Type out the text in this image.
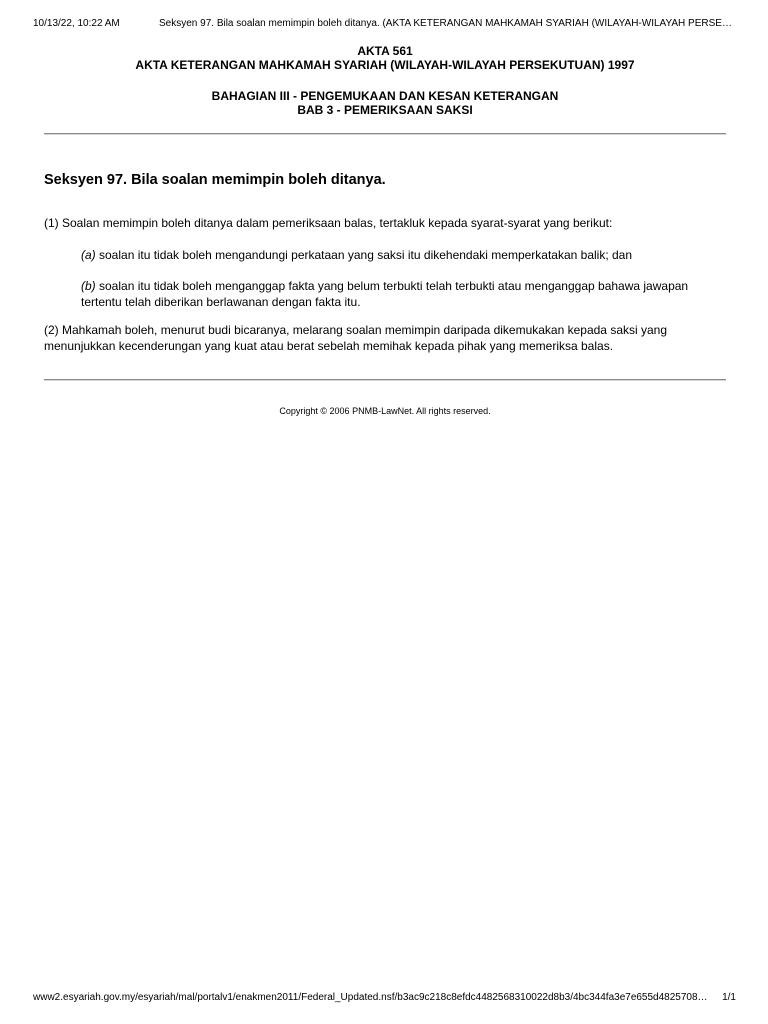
10/13/22, 10:22 AM	Seksyen 97. Bila soalan memimpin boleh ditanya. (AKTA KETERANGAN MAHKAMAH SYARIAH (WILAYAH-WILAYAH PERSE…
AKTA 561
AKTA KETERANGAN MAHKAMAH SYARIAH (WILAYAH-WILAYAH PERSEKUTUAN) 1997
BAHAGIAN III - PENGEMUKAAN DAN KESAN KETERANGAN
BAB 3 - PEMERIKSAAN SAKSI
Seksyen 97. Bila soalan memimpin boleh ditanya.

(1) Soalan memimpin boleh ditanya dalam pemeriksaan balas, tertakluk kepada syarat-syarat yang berikut:

(a) soalan itu tidak boleh mengandungi perkataan yang saksi itu dikehendaki memperkatakan balik; dan

(b) soalan itu tidak boleh menganggap fakta yang belum terbukti telah terbukti atau menganggap bahawa jawapan tertentu telah diberikan berlawanan dengan fakta itu.

(2) Mahkamah boleh, menurut budi bicaranya, melarang soalan memimpin daripada dikemukakan kepada saksi yang menunjukkan kecenderungan yang kuat atau berat sebelah memihak kepada pihak yang memeriksa balas.

Copyright © 2006 PNMB-LawNet. All rights reserved.
www2.esyariah.gov.my/esyariah/mal/portalv1/enakmen2011/Federal_Updated.nsf/b3ac9c218c8efdc4482568310022d8b3/4bc344fa3e7e655d4825708…	1/1
